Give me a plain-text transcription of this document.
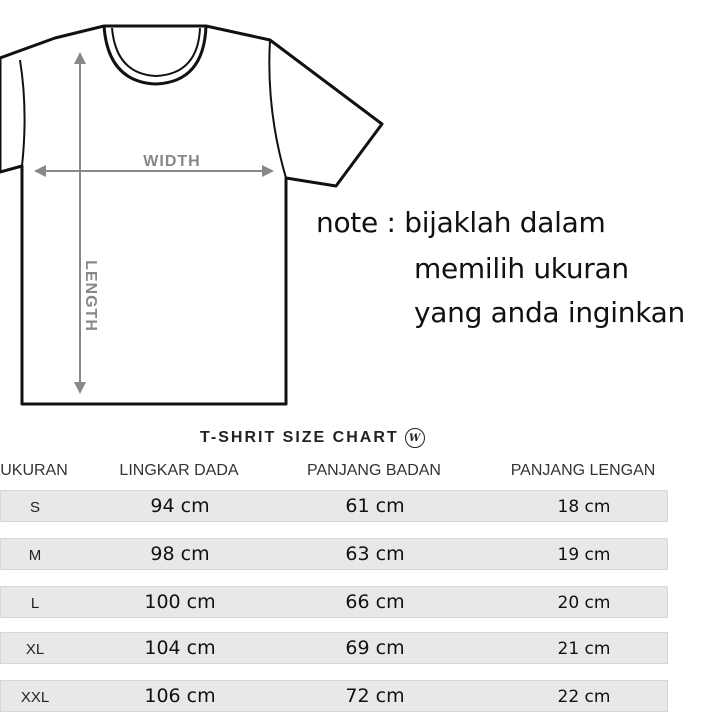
WIDTH
LENGTH
note : bijaklah dalam
memilih ukuran
yang anda inginkan
T-SHRIT SIZE CHART	W
UKURAN	LINGKAR DADA	PANJANG BADAN	PANJANG LENGAN
S	94 cm	61 cm	18 cm
M	98 cm	63 cm	19 cm
L	100 cm	66 cm	20 cm
XL	104 cm	69 cm	21 cm
XXL	106 cm	72 cm	22 cm
